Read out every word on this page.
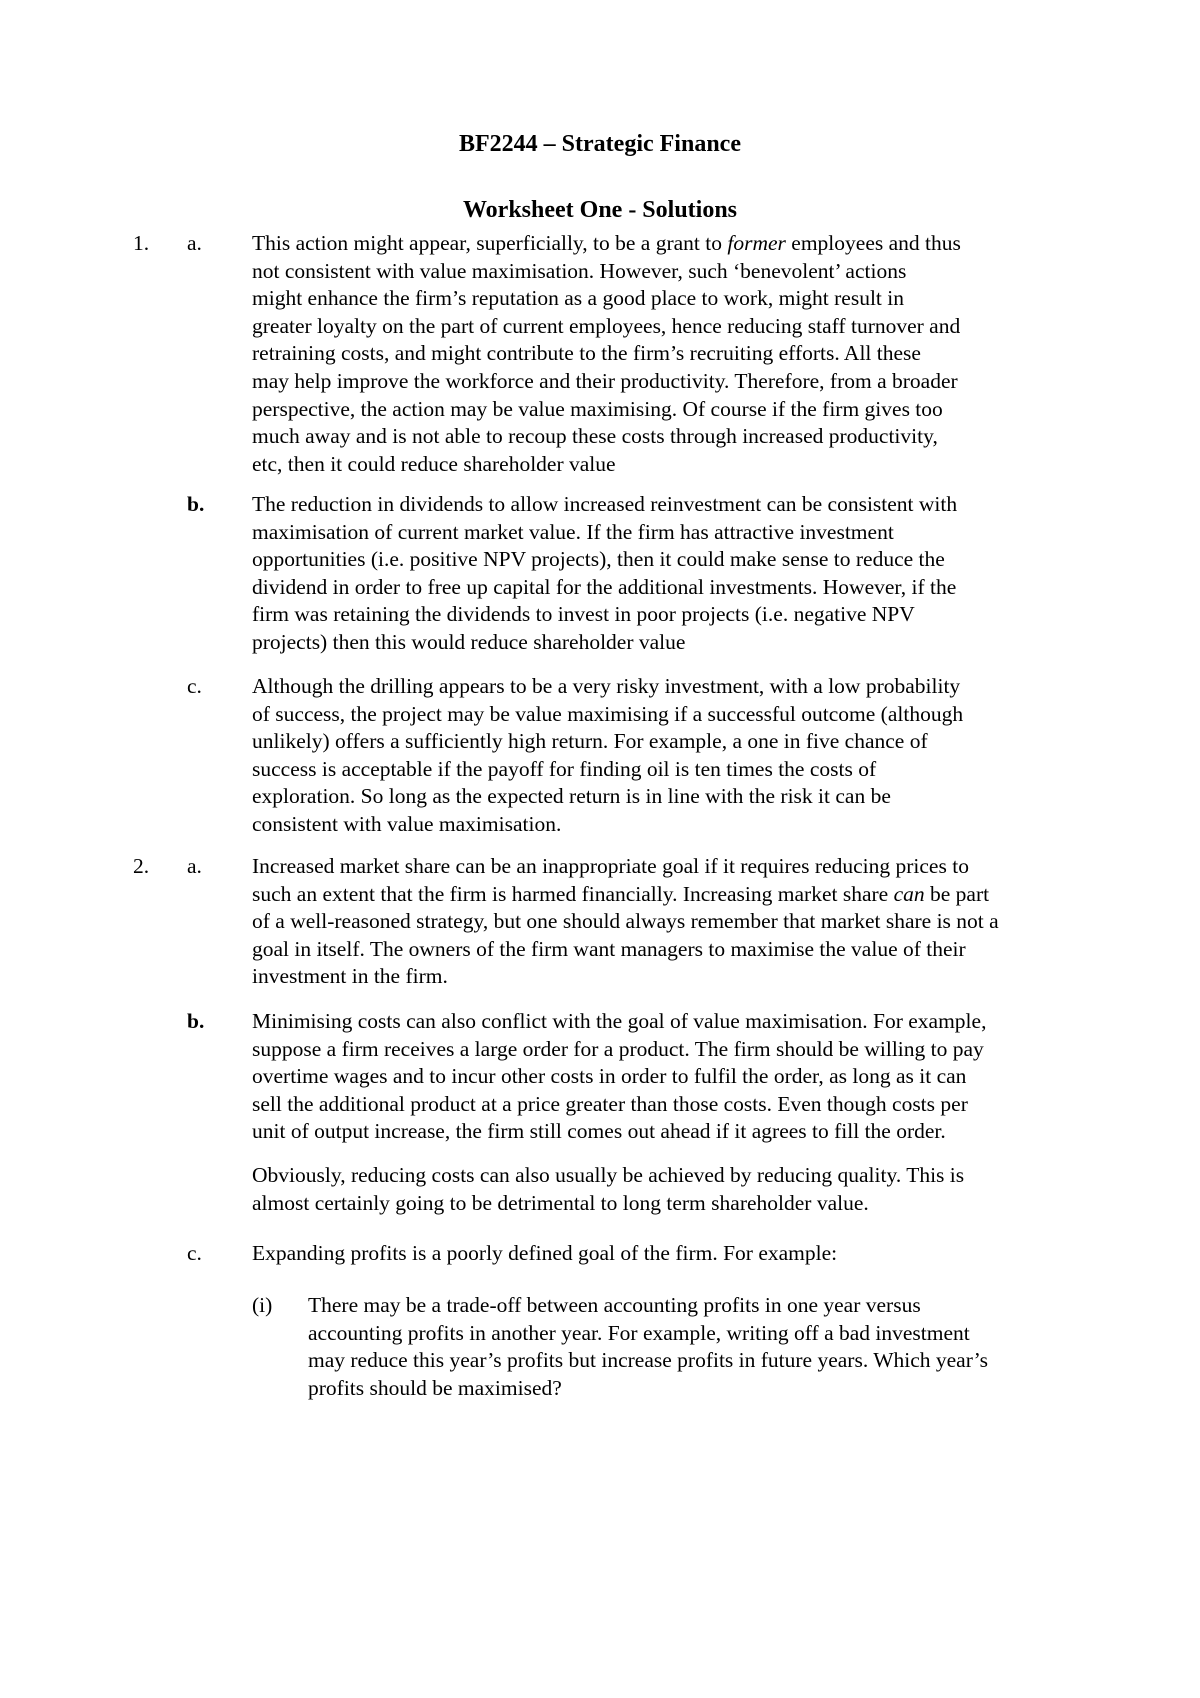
BF2244 – Strategic Finance
Worksheet One - Solutions
1. a. This action might appear, superficially, to be a grant to former employees and thus
not consistent with value maximisation. However, such ‘benevolent’ actions
might enhance the firm’s reputation as a good place to work, might result in
greater loyalty on the part of current employees, hence reducing staff turnover and
retraining costs, and might contribute to the firm’s recruiting efforts. All these
may help improve the workforce and their productivity. Therefore, from a broader
perspective, the action may be value maximising. Of course if the firm gives too
much away and is not able to recoup these costs through increased productivity,
etc, then it could reduce shareholder value
b. The reduction in dividends to allow increased reinvestment can be consistent with
maximisation of current market value. If the firm has attractive investment
opportunities (i.e. positive NPV projects), then it could make sense to reduce the
dividend in order to free up capital for the additional investments. However, if the
firm was retaining the dividends to invest in poor projects (i.e. negative NPV
projects) then this would reduce shareholder value
c. Although the drilling appears to be a very risky investment, with a low probability
of success, the project may be value maximising if a successful outcome (although
unlikely) offers a sufficiently high return. For example, a one in five chance of
success is acceptable if the payoff for finding oil is ten times the costs of
exploration. So long as the expected return is in line with the risk it can be
consistent with value maximisation.
2. a. Increased market share can be an inappropriate goal if it requires reducing prices to
such an extent that the firm is harmed financially. Increasing market share can be part
of a well-reasoned strategy, but one should always remember that market share is not a
goal in itself. The owners of the firm want managers to maximise the value of their
investment in the firm.
b. Minimising costs can also conflict with the goal of value maximisation. For example,
suppose a firm receives a large order for a product. The firm should be willing to pay
overtime wages and to incur other costs in order to fulfil the order, as long as it can
sell the additional product at a price greater than those costs. Even though costs per
unit of output increase, the firm still comes out ahead if it agrees to fill the order.
Obviously, reducing costs can also usually be achieved by reducing quality. This is
almost certainly going to be detrimental to long term shareholder value.
c. Expanding profits is a poorly defined goal of the firm. For example:
(i) There may be a trade-off between accounting profits in one year versus
accounting profits in another year. For example, writing off a bad investment
may reduce this year’s profits but increase profits in future years. Which year’s
profits should be maximised?
